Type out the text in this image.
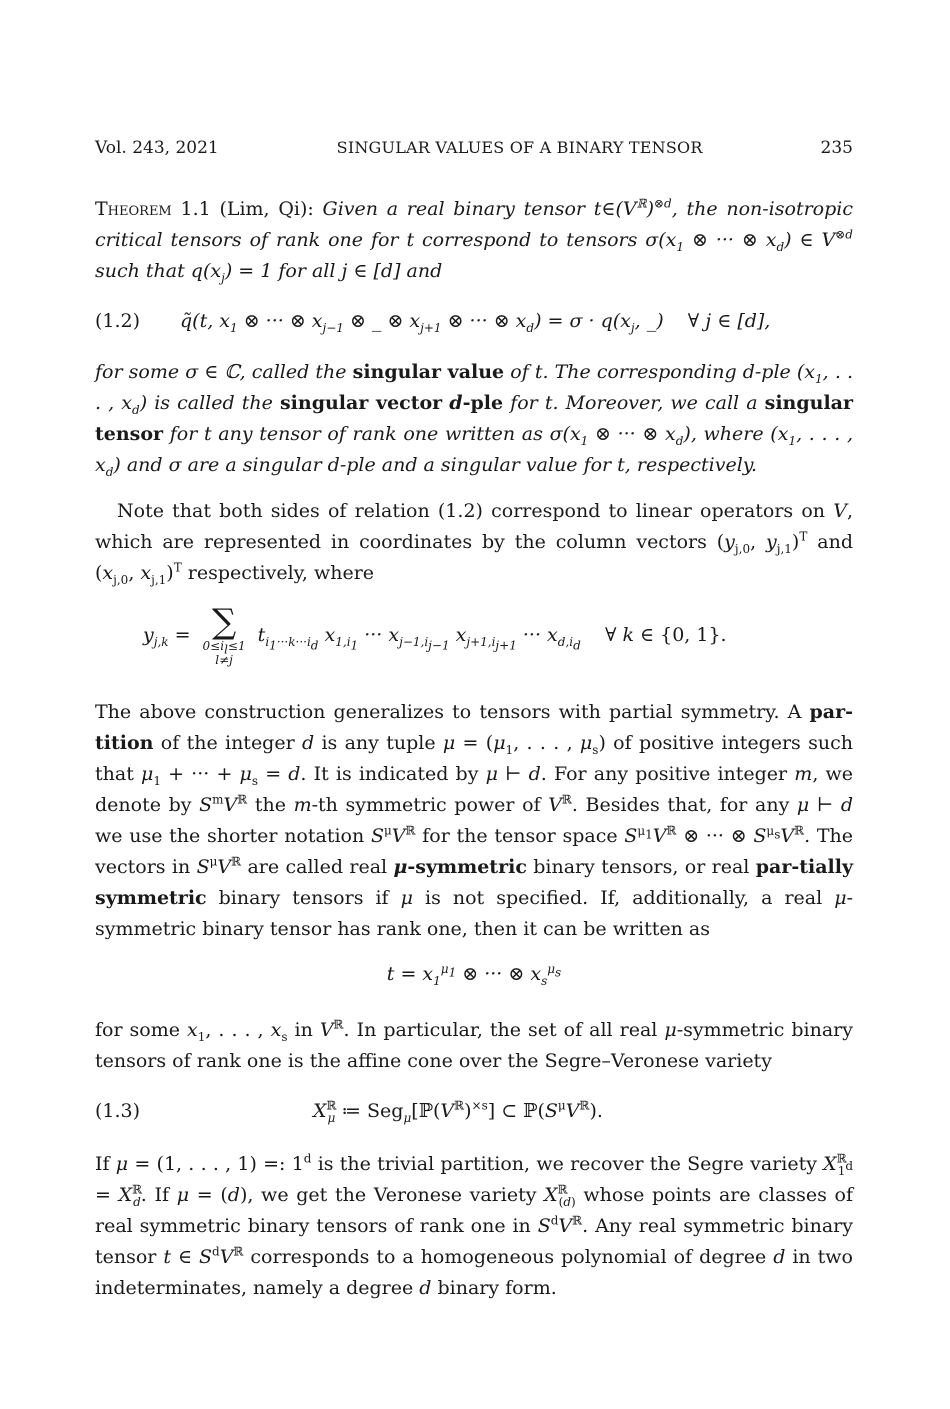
Vol. 243, 2021	SINGULAR VALUES OF A BINARY TENSOR	235
Theorem 1.1 (Lim, Qi): Given a real binary tensor $t\in(V^ℝ)^{\otimes d}$, the non-isotropic critical tensors of rank one for t correspond to tensors $\sigma(x_1$ ⊗ ··· ⊗ $x_d$) ∈ $V^{\otimes d}$ such that $q(x_j) = 1$ for all j ∈ [d] and
(1.2) q̃(t, $x_1$ ⊗ ··· ⊗ $x_{j-1}$ ⊗ _ ⊗ $x_{j+1}$ ⊗ ··· ⊗ $x_d) = \sigma \cdot q(x_j$, _)    ∀ j ∈ [d],
for some σ ∈ ℂ, called the singular value of t. The corresponding d-ple ($x_1$, . . . , $x_d$) is called the singular vector d-ple for t. Moreover, we call a singular tensor for t any tensor of rank one written as $\sigma(x_1$ ⊗ ··· ⊗ $x_d$), where ($x_1$, . . . , $x_d$) and σ are a singular d-ple and a singular value for t, respectively.
Note that both sides of relation (1.2) correspond to linear operators on V, which are represented in coordinates by the column vectors ($y_{j,0}$, $y_{j,1})^T$ and ($x_{j,0}$, $x_{j,1})^T$ respectively, where
$y_{j,k}$ = ∑
$0\le i_l\le 1$
l≠j
$t_{i_1\cdot\cdot\cdot k\cdot\cdot\cdot i_d}$ $x_{1,i_1}$ ··· $x_{j-1,i_{j-1}}$ $x_{j+1,i_{j+1}}$ ··· $x_{d,i_d}$    ∀ k ∈ {0, 1}.
The above construction generalizes to tensors with partial symmetry. A par-tition of the integer d is any tuple $\mu = (\mu_1$, . . . , $\mu_s$) of positive integers such that $\mu_1$ + ··· + $\mu_s = d$. It is indicated by μ ⊢ d. For any positive integer m, we denote by $S^mV^ℝ$ the m-th symmetric power of $V^ℝ$. Besides that, for any μ ⊢ d we use the shorter notation $S^\mu V^ℝ$ for the tensor space $S^{\mu_1}V^ℝ$ ⊗ ··· ⊗ $S^{\mu_s}V^ℝ$. The vectors in $S^\mu V^ℝ$ are called real μ-symmetric binary tensors, or real par-tially symmetric binary tensors if μ is not specified. If, additionally, a real μ-symmetric binary tensor has rank one, then it can be written as
$t = x_1^{\mu_1}$ ⊗ ··· ⊗ $x_s^{\mu_s}$
for some $x_1$, . . . , $x_s$ in $V^ℝ$. In particular, the set of all real μ-symmetric binary tensors of rank one is the affine cone over the Segre–Veronese variety
(1.3)	$X^ℝ_\mu$ ≔ $Seg_\mu[ℙ(V^ℝ)^{\times s}]$ ⊂ $ℙ(S^\mu V^ℝ)$.
If μ = (1, . . . , 1) =: 1$^d$ is the trivial partition, we recover the Segre variety $X^ℝ_{1^d} = X^ℝ_d$. If μ = (d), we get the Veronese variety $X^ℝ_{(d)}$ whose points are classes of real symmetric binary tensors of rank one in $S^dV^ℝ$. Any real symmetric binary tensor t ∈ $S^dV^ℝ$ corresponds to a homogeneous polynomial of degree d in two indeterminates, namely a degree d binary form.
